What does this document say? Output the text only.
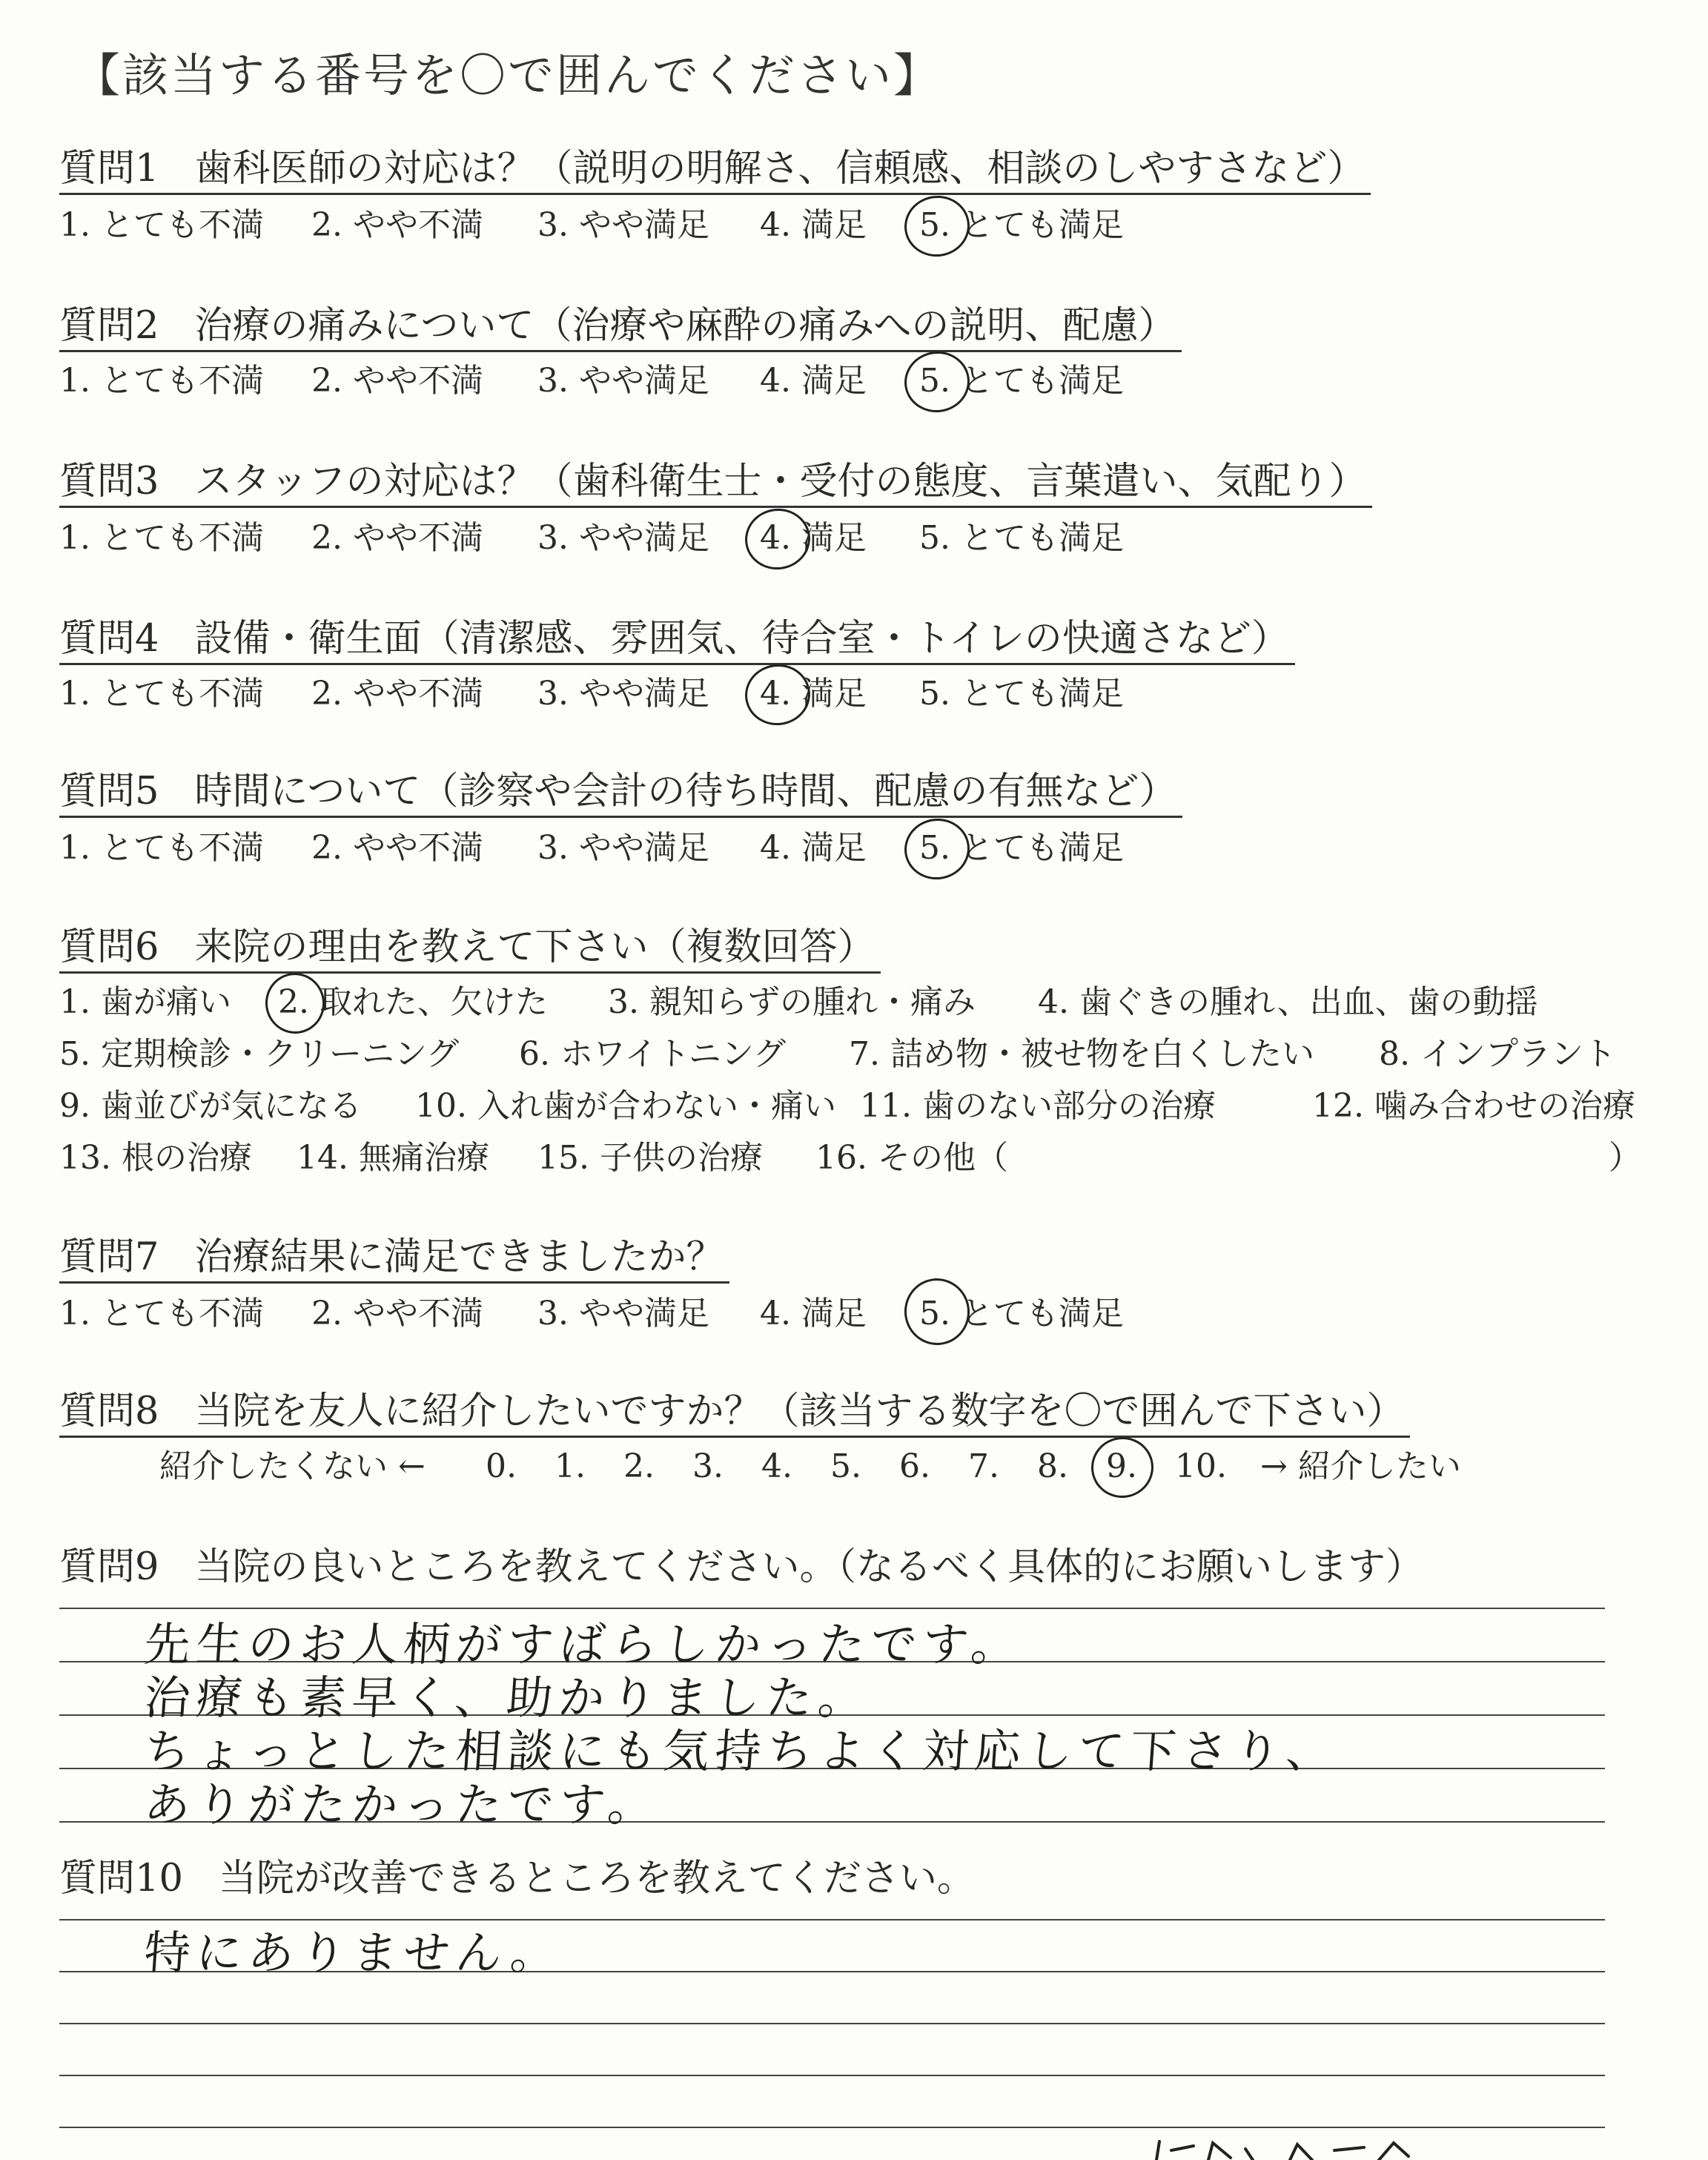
【該当する番号を〇で囲んでください】
質問1 歯科医師の対応は？（説明の明解さ、信頼感、相談のしやすさなど）
1. とても不満 2. やや不満 3. やや満足 4. 満足 5. とても満足
質問2 治療の痛みについて（治療や麻酔の痛みへの説明、配慮）
1. とても不満 2. やや不満 3. やや満足 4. 満足 5. とても満足
質問3 スタッフの対応は？（歯科衛生士・受付の態度、言葉遣い、気配り）
1. とても不満 2. やや不満 3. やや満足 4. 満足 5. とても満足
質問4 設備・衛生面（清潔感、雰囲気、待合室・トイレの快適さなど）
1. とても不満 2. やや不満 3. やや満足 4. 満足 5. とても満足
質問5 時間について（診察や会計の待ち時間、配慮の有無など）
1. とても不満 2. やや不満 3. やや満足 4. 満足 5. とても満足
質問6 来院の理由を教えて下さい（複数回答）
1. 歯が痛い 2. 取れた、欠けた 3. 親知らずの腫れ・痛み 4. 歯ぐきの腫れ、出血、歯の動揺
5. 定期検診・クリーニング 6. ホワイトニング 7. 詰め物・被せ物を白くしたい 8. インプラント
9. 歯並びが気になる 10. 入れ歯が合わない・痛い 11. 歯のない部分の治療	12. 噛み合わせの治療
13. 根の治療 14. 無痛治療 15. 子供の治療 16. その他（	）
質問7 治療結果に満足できましたか？
1. とても不満 2. やや不満 3. やや満足 4. 満足 5. とても満足
質問8 当院を友人に紹介したいですか？（該当する数字を〇で囲んで下さい）
紹介したくない ← 0. 1. 2. 3. 4. 5. 6. 7. 8. 9. 10. → 紹介したい
質問9 当院の良いところを教えてください。（なるべく具体的にお願いします）
先生のお人柄がすばらしかったです。
治療も素早く、助かりました。
ちょっとした相談にも気持ちよく対応して下さり、
ありがたかったです。
質問10 当院が改善できるところを教えてください。
特にありません。
